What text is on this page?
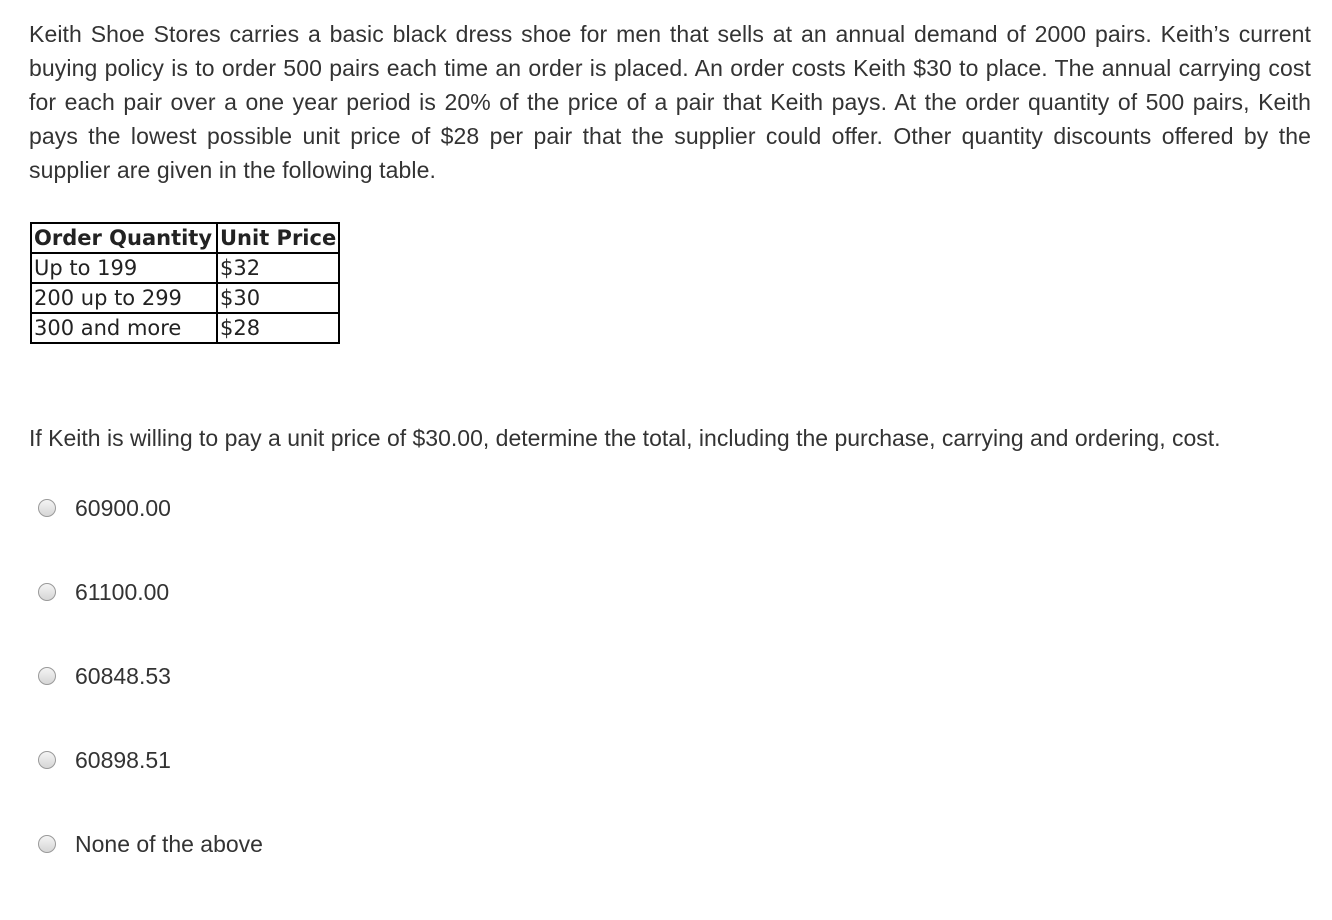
Keith Shoe Stores carries a basic black dress shoe for men that sells at an annual demand of 2000 pairs. Keith’s current buying policy is to order 500 pairs each time an order is placed. An order costs Keith $30 to place. The annual carrying cost for each pair over a one year period is 20% of the price of a pair that Keith pays. At the order quantity of 500 pairs, Keith pays the lowest possible unit price of $28 per pair that the supplier could offer. Other quantity discounts offered by the supplier are given in the following table.

Order Quantity	Unit Price
Up to 199	$32
200 up to 299	$30
300 and more	$28

If Keith is willing to pay a unit price of $30.00, determine the total, including the purchase, carrying and ordering, cost.

60900.00
61100.00
60848.53
60898.51
None of the above
